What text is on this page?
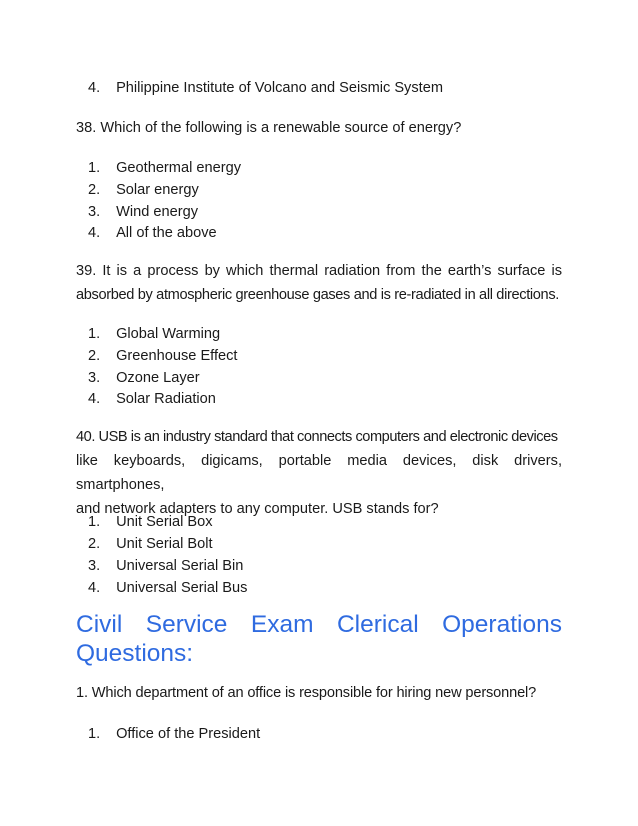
4. Philippine Institute of Volcano and Seismic System
38. Which of the following is a renewable source of energy?
1. Geothermal energy
2. Solar energy
3. Wind energy
4. All of the above
39. It is a process by which thermal radiation from the earth’s surface is
absorbed by atmospheric greenhouse gases and is re-radiated in all directions.
1. Global Warming
2. Greenhouse Effect
3. Ozone Layer
4. Solar Radiation
40. USB is an industry standard that connects computers and electronic devices
like keyboards, digicams, portable media devices, disk drivers, smartphones,
and network adapters to any computer. USB stands for?
1. Unit Serial Box
2. Unit Serial Bolt
3. Universal Serial Bin
4. Universal Serial Bus
Civil Service Exam Clerical Operations
Questions:
1. Which department of an office is responsible for hiring new personnel?
1. Office of the President
